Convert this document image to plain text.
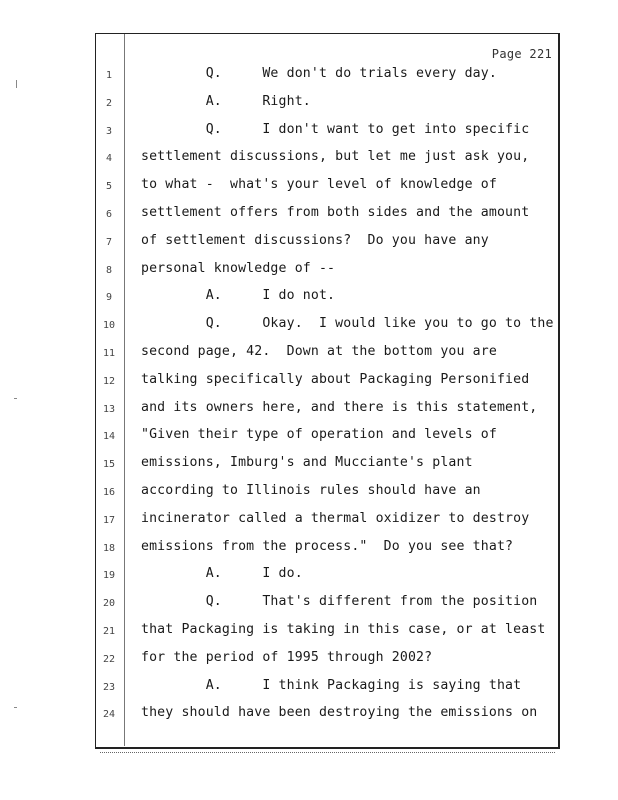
Page 221
1	Q.     We don't do trials every day.
2	A.     Right.
3	Q.     I don't want to get into specific
4	settlement discussions, but let me just ask you,
5	to what -  what's your level of knowledge of
6	settlement offers from both sides and the amount
7	of settlement discussions?  Do you have any
8	personal knowledge of --
9	A.     I do not.
10	Q.     Okay.  I would like you to go to the
11	second page, 42.  Down at the bottom you are
12	talking specifically about Packaging Personified
13	and its owners here, and there is this statement,
14	"Given their type of operation and levels of
15	emissions, Imburg's and Mucciante's plant
16	according to Illinois rules should have an
17	incinerator called a thermal oxidizer to destroy
18	emissions from the process."  Do you see that?
19	A.     I do.
20	Q.     That's different from the position
21	that Packaging is taking in this case, or at least
22	for the period of 1995 through 2002?
23	A.     I think Packaging is saying that
24	they should have been destroying the emissions on
